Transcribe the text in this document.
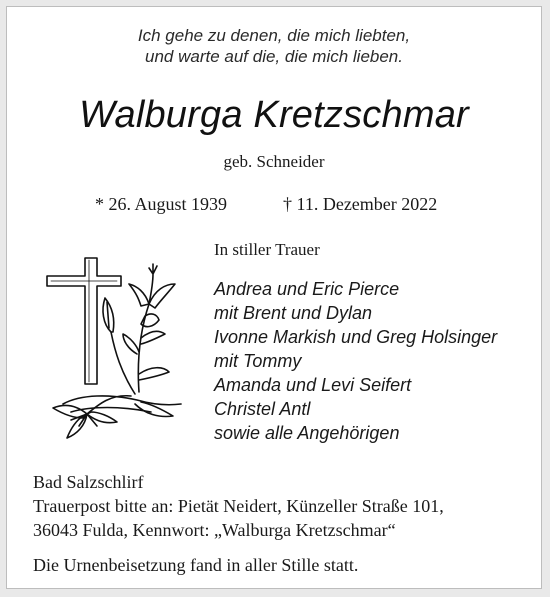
Ich gehe zu denen, die mich liebten,
und warte auf die, die mich lieben.
Walburga Kretzschmar
geb. Schneider
* 26. August 1939	† 11. Dezember 2022
In stiller Trauer
Andrea und Eric Pierce
mit Brent und Dylan
Ivonne Markish und Greg Holsinger
mit Tommy
Amanda und Levi Seifert
Christel Antl
sowie alle Angehörigen
Bad Salzschlirf
Trauerpost bitte an: Pietät Neidert, Künzeller Straße 101,
36043 Fulda, Kennwort: „Walburga Kretzschmar“
Die Urnenbeisetzung fand in aller Stille statt.
